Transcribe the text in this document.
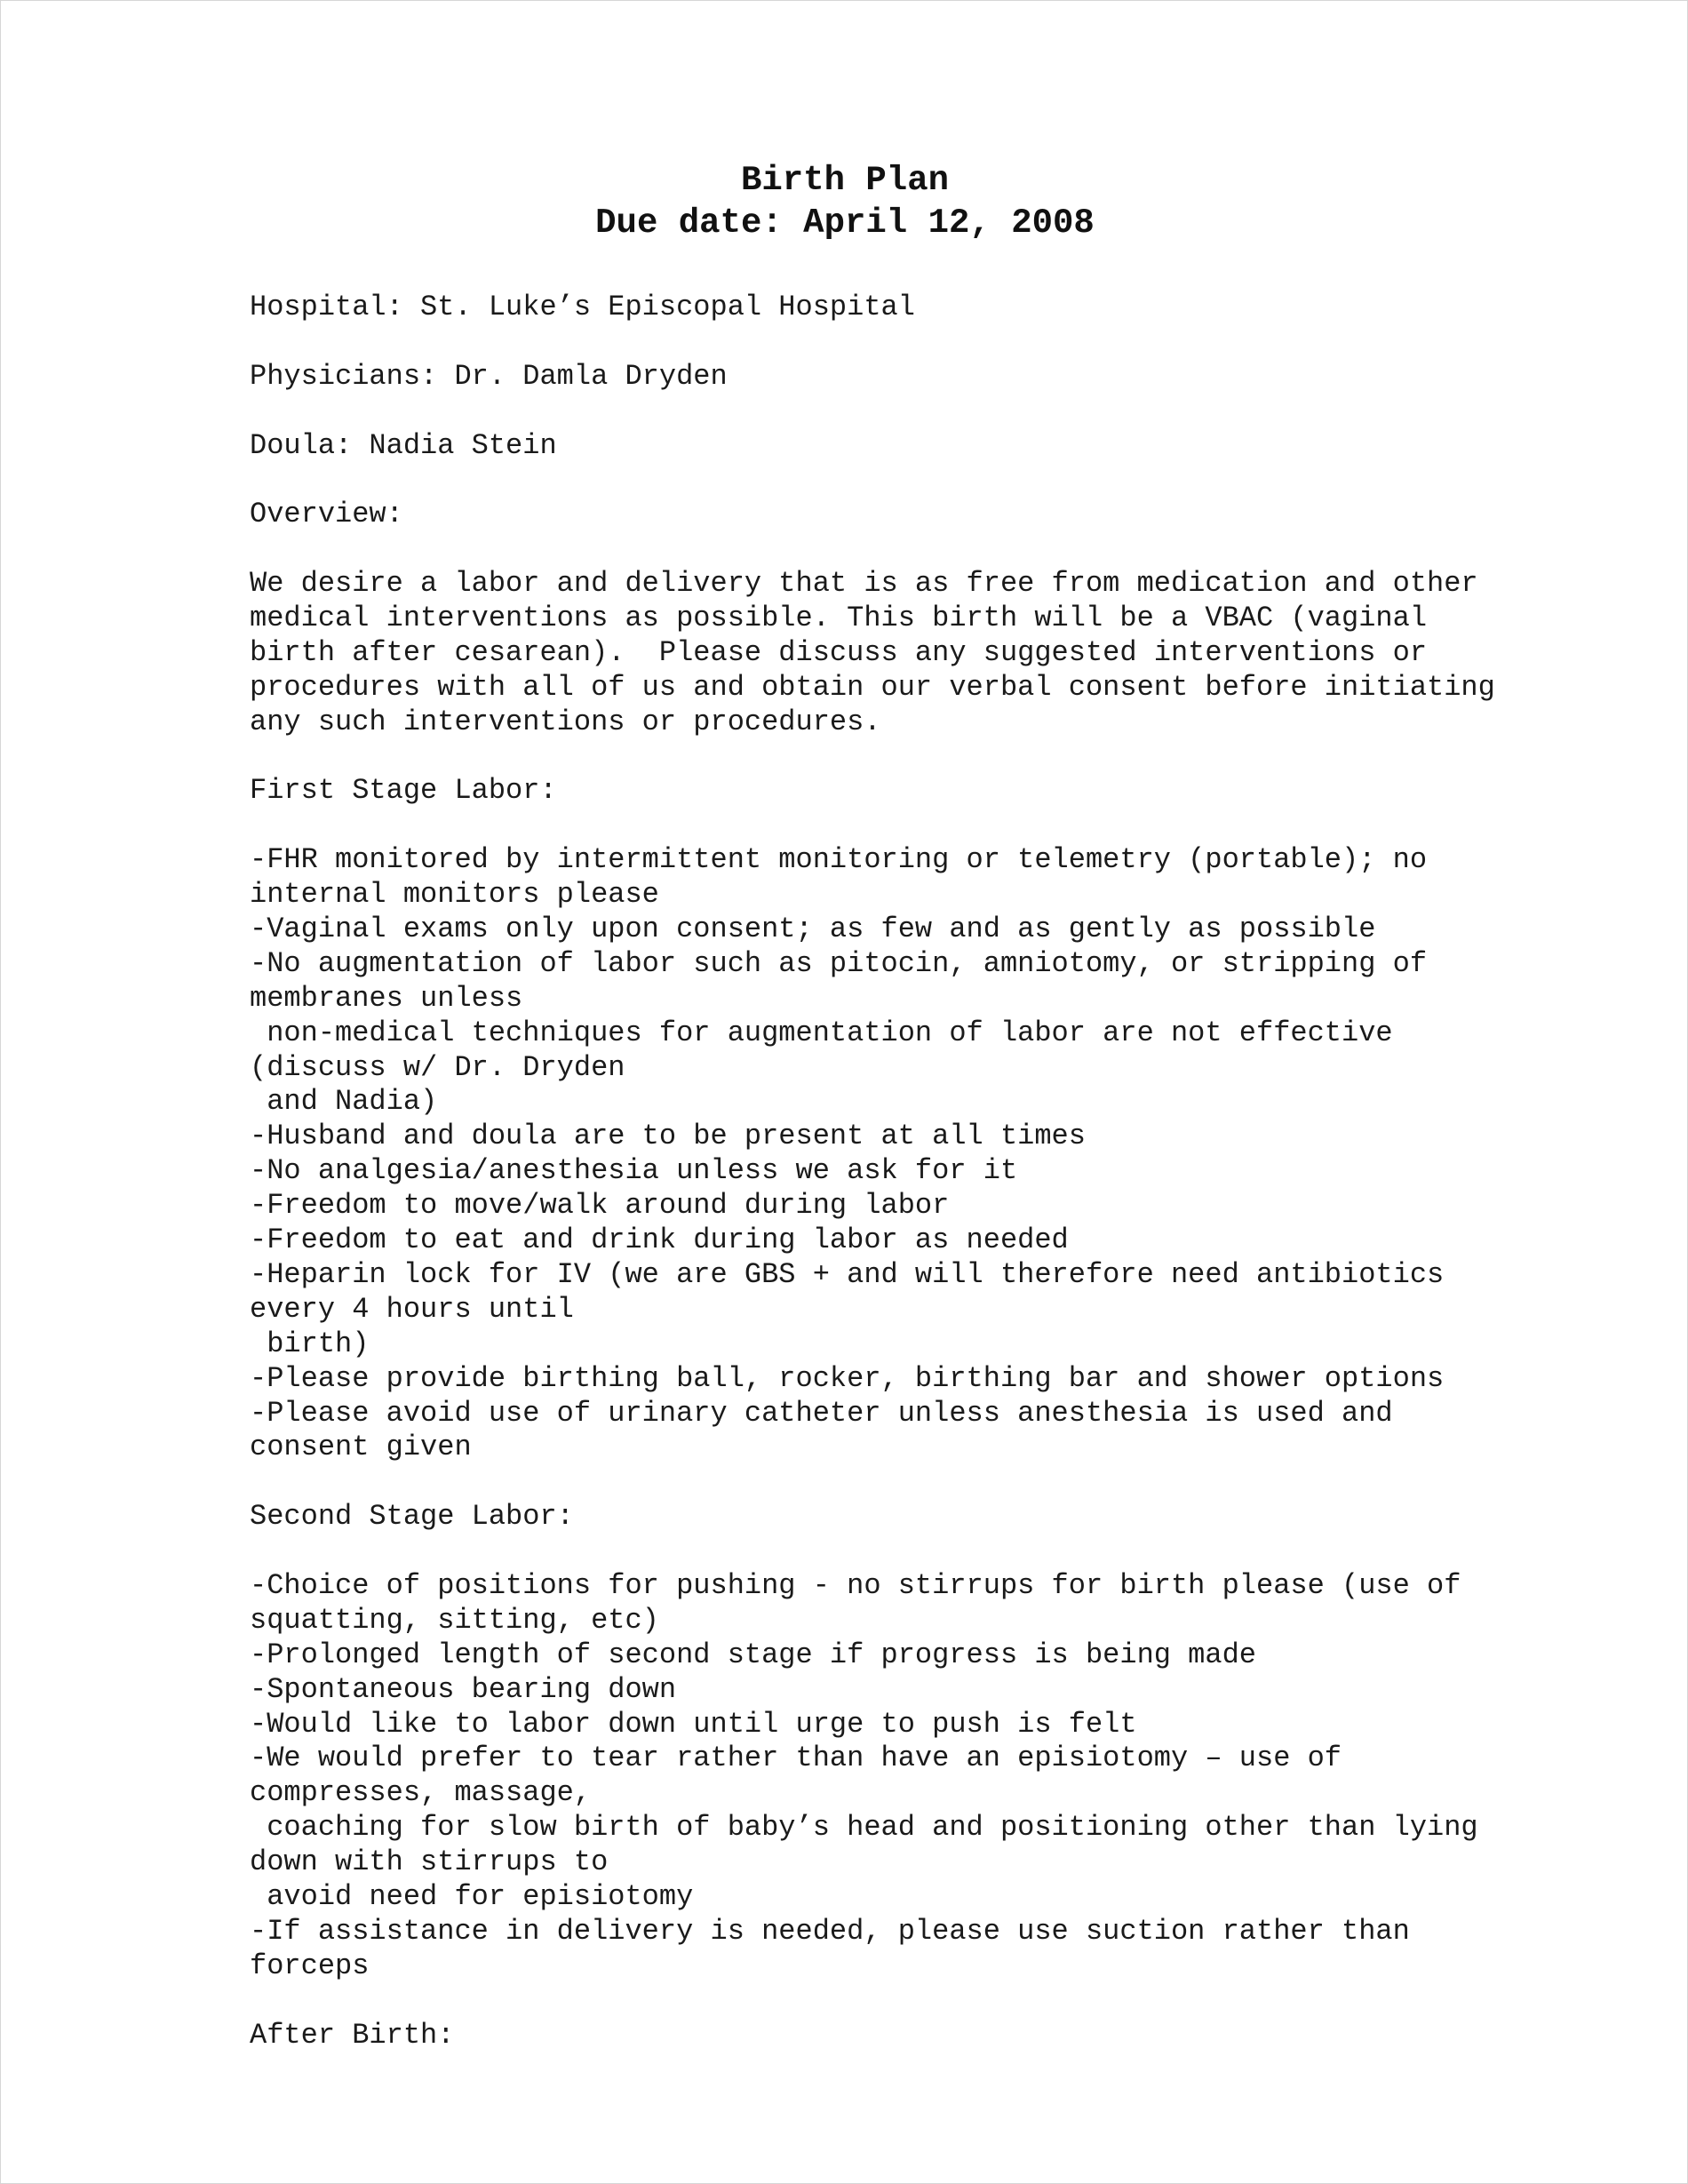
Birth Plan
Due date: April 12, 2008
Hospital: St. Luke’s Episcopal Hospital
Physicians: Dr. Damla Dryden
Doula: Nadia Stein
Overview:
We desire a labor and delivery that is as free from medication and other
medical interventions as possible. This birth will be a VBAC (vaginal
birth after cesarean).  Please discuss any suggested interventions or
procedures with all of us and obtain our verbal consent before initiating
any such interventions or procedures.
First Stage Labor:
-FHR monitored by intermittent monitoring or telemetry (portable); no
internal monitors please
-Vaginal exams only upon consent; as few and as gently as possible
-No augmentation of labor such as pitocin, amniotomy, or stripping of
membranes unless
non-medical techniques for augmentation of labor are not effective
(discuss w/ Dr. Dryden
and Nadia)
-Husband and doula are to be present at all times
-No analgesia/anesthesia unless we ask for it
-Freedom to move/walk around during labor
-Freedom to eat and drink during labor as needed
-Heparin lock for IV (we are GBS + and will therefore need antibiotics
every 4 hours until
birth)
-Please provide birthing ball, rocker, birthing bar and shower options
-Please avoid use of urinary catheter unless anesthesia is used and
consent given
Second Stage Labor:
-Choice of positions for pushing - no stirrups for birth please (use of
squatting, sitting, etc)
-Prolonged length of second stage if progress is being made
-Spontaneous bearing down
-Would like to labor down until urge to push is felt
-We would prefer to tear rather than have an episiotomy – use of
compresses, massage,
coaching for slow birth of baby’s head and positioning other than lying
down with stirrups to
avoid need for episiotomy
-If assistance in delivery is needed, please use suction rather than
forceps
After Birth:
